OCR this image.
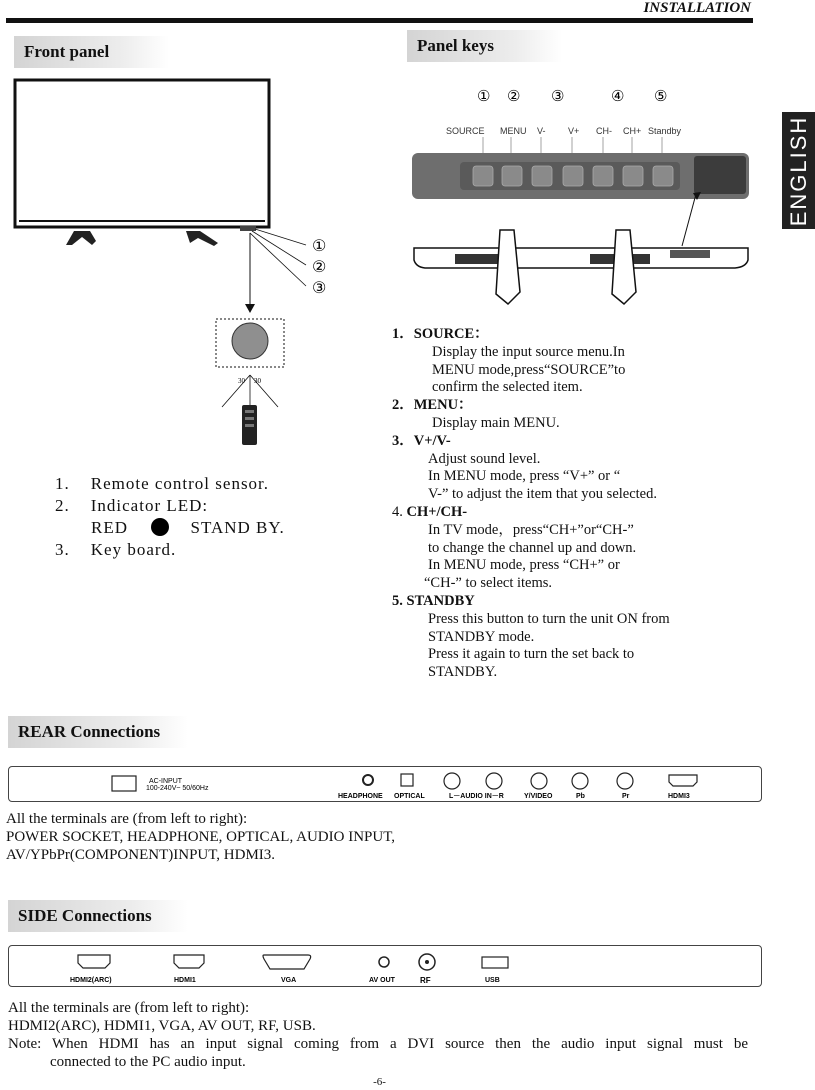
INSTALLATION
ENGLISH
Front panel
①
②
③
30 30
1. Remote control sensor.
2. Indicator LED:
RED	STAND BY.
3. Key board.
Panel keys
① ② ③	④ ⑤
SOURCE MENU V- V+ CH- CH+ Standby
1．SOURCE：
Display the input source menu.In
MENU mode,press“SOURCE”to
confirm the selected item.
2．MENU：
Display main MENU.
3．V+/V-
Adjust sound level.
In MENU mode, press “V+” or “
V-” to adjust the item that you selected.
4. CH+/CH-
In TV mode，press“CH+”or“CH-”
to change the channel up and down.
In MENU mode, press “CH+” or
“CH-” to select items.
5. STANDBY
Press this button to turn the unit ON from
STANDBY mode.
Press it again to turn the set back to
STANDBY.
REAR Connections
AC-INPUT
100-240V~ 50/60Hz
HEADPHONE OPTICAL	L－AUDIO IN－R	Y/VIDEO	Pb	Pr	HDMI3
All the terminals are (from left to right):
POWER SOCKET, HEADPHONE, OPTICAL, AUDIO INPUT,
AV/YPbPr(COMPONENT)INPUT, HDMI3.
SIDE Connections
HDMI2(ARC)	HDMI1	VGA	AV OUT	RF	USB
All the terminals are (from left to right):
HDMI2(ARC), HDMI1, VGA, AV OUT, RF, USB.
Note: When HDMI has an input signal coming from a DVI source then the audio input signal must be
connected to the PC audio input.
-6-
